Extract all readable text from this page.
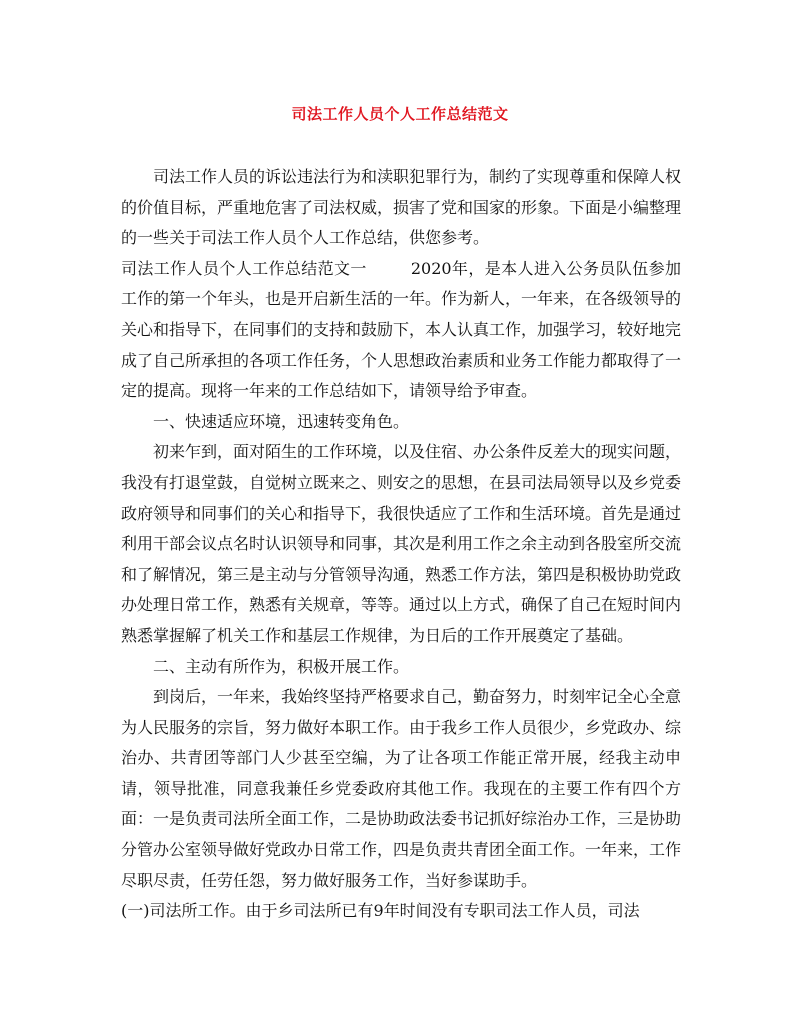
司法工作人员个人工作总结范文

司法工作人员的诉讼违法行为和渎职犯罪行为，制约了实现尊重和保障人权的价值目标，严重地危害了司法权威，损害了党和国家的形象。下面是小编整理的一些关于司法工作人员个人工作总结，供您参考。

司法工作人员个人工作总结范文一	2020年，是本人进入公务员队伍参加工作的第一个年头，也是开启新生活的一年。作为新人，一年来，在各级领导的关心和指导下，在同事们的支持和鼓励下，本人认真工作，加强学习，较好地完成了自己所承担的各项工作任务，个人思想政治素质和业务工作能力都取得了一定的提高。现将一年来的工作总结如下，请领导给予审查。

一、快速适应环境，迅速转变角色。

初来乍到，面对陌生的工作环境，以及住宿、办公条件反差大的现实问题，我没有打退堂鼓，自觉树立既来之、则安之的思想，在县司法局领导以及乡党委政府领导和同事们的关心和指导下，我很快适应了工作和生活环境。首先是通过利用干部会议点名时认识领导和同事，其次是利用工作之余主动到各股室所交流和了解情况，第三是主动与分管领导沟通，熟悉工作方法，第四是积极协助党政办处理日常工作，熟悉有关规章，等等。通过以上方式，确保了自己在短时间内熟悉掌握解了机关工作和基层工作规律，为日后的工作开展奠定了基础。

二、主动有所作为，积极开展工作。

到岗后，一年来，我始终坚持严格要求自己，勤奋努力，时刻牢记全心全意为人民服务的宗旨，努力做好本职工作。由于我乡工作人员很少，乡党政办、综治办、共青团等部门人少甚至空编，为了让各项工作能正常开展，经我主动申请，领导批准，同意我兼任乡党委政府其他工作。我现在的主要工作有四个方面：一是负责司法所全面工作，二是协助政法委书记抓好综治办工作，三是协助分管办公室领导做好党政办日常工作，四是负责共青团全面工作。一年来，工作尽职尽责，任劳任怨，努力做好服务工作，当好参谋助手。

(一)司法所工作。由于乡司法所已有9年时间没有专职司法工作人员，司法
